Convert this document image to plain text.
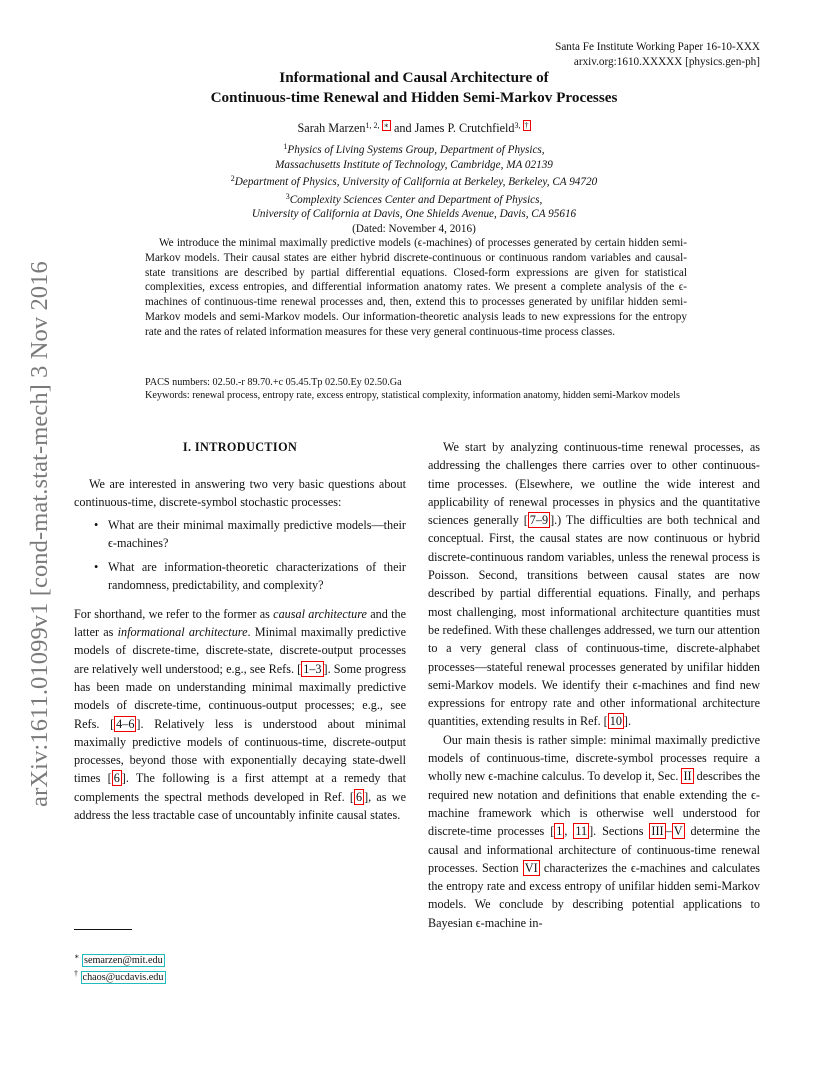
arXiv:1611.01099v1 [cond-mat.stat-mech] 3 Nov 2016
Santa Fe Institute Working Paper 16-10-XXX
arxiv.org:1610.XXXXX [physics.gen-ph]
Informational and Causal Architecture of
Continuous-time Renewal and Hidden Semi-Markov Processes
Sarah Marzen$^{1, 2, ∗}$ and James P. Crutchfield$^{3, \dagger}$
$^1$Physics of Living Systems Group, Department of Physics,
Massachusetts Institute of Technology, Cambridge, MA 02139
$^2$Department of Physics, University of California at Berkeley, Berkeley, CA 94720
$^3$Complexity Sciences Center and Department of Physics,
University of California at Davis, One Shields Avenue, Davis, CA 95616
(Dated: November 4, 2016)
We introduce the minimal maximally predictive models (ϵ-machines) of processes generated by certain hidden semi-Markov models. Their causal states are either hybrid discrete-continuous or continuous random variables and causal-state transitions are described by partial differential equations. Closed-form expressions are given for statistical complexities, excess entropies, and differential information anatomy rates. We present a complete analysis of the ϵ-machines of continuous-time renewal processes and, then, extend this to processes generated by unifilar hidden semi-Markov models and semi-Markov models. Our information-theoretic analysis leads to new expressions for the entropy rate and the rates of related information measures for these very general continuous-time process classes.
PACS numbers: 02.50.-r 89.70.+c 05.45.Tp 02.50.Ey 02.50.Ga
Keywords: renewal process, entropy rate, excess entropy, statistical complexity, information anatomy, hidden semi-Markov models
I. INTRODUCTION

We are interested in answering two very basic questions about continuous-time, discrete-symbol stochastic processes:

• What are their minimal maximally predictive models—their ϵ-machines?
• What are information-theoretic characterizations of their randomness, predictability, and complexity?

For shorthand, we refer to the former as causal architecture and the latter as informational architecture. Minimal maximally predictive models of discrete-time, discrete-state, discrete-output processes are relatively well understood; e.g., see Refs. [ 1–3 ]. Some progress has been made on understanding minimal maximally predictive models of discrete-time, continuous-output processes; e.g., see Refs. [ 4–6 ]. Relatively less is understood about minimal maximally predictive models of continuous-time, discrete-output processes, beyond those with exponentially decaying state-dwell times [ 6 ]. The following is a first attempt at a remedy that complements the spectral methods developed in Ref. [ 6 ], as we address the less tractable case of uncountably infinite causal states.

We start by analyzing continuous-time renewal processes, as addressing the challenges there carries over to other continuous-time processes. (Elsewhere, we outline the wide interest and applicability of renewal processes in physics and the quantitative sciences generally [ 7–9 ].) The difficulties are both technical and conceptual. First, the causal states are now continuous or hybrid discrete-continuous random variables, unless the renewal process is Poisson. Second, transitions between causal states are now described by partial differential equations. Finally, and perhaps most challenging, most informational architecture quantities must be redefined. With these challenges addressed, we turn our attention to a very general class of continuous-time, discrete-alphabet processes—stateful renewal processes generated by unifilar hidden semi-Markov models. We identify their ϵ-machines and find new expressions for entropy rate and other informational architecture quantities, extending results in Ref. [ 10 ].

Our main thesis is rather simple: minimal maximally predictive models of continuous-time, discrete-symbol processes require a wholly new ϵ-machine calculus. To develop it, Sec. II describes the required new notation and definitions that enable extending the ϵ-machine framework which is otherwise well understood for discrete-time processes [ 1 , 11 ]. Sections III – V determine the causal and informational architecture of continuous-time renewal processes. Section VI characterizes the ϵ-machines and calculates the entropy rate and excess entropy of unifilar hidden semi-Markov models. We conclude by describing potential applications to Bayesian ϵ-machine in-

∗ semarzen@mit.edu
† chaos@ucdavis.edu
